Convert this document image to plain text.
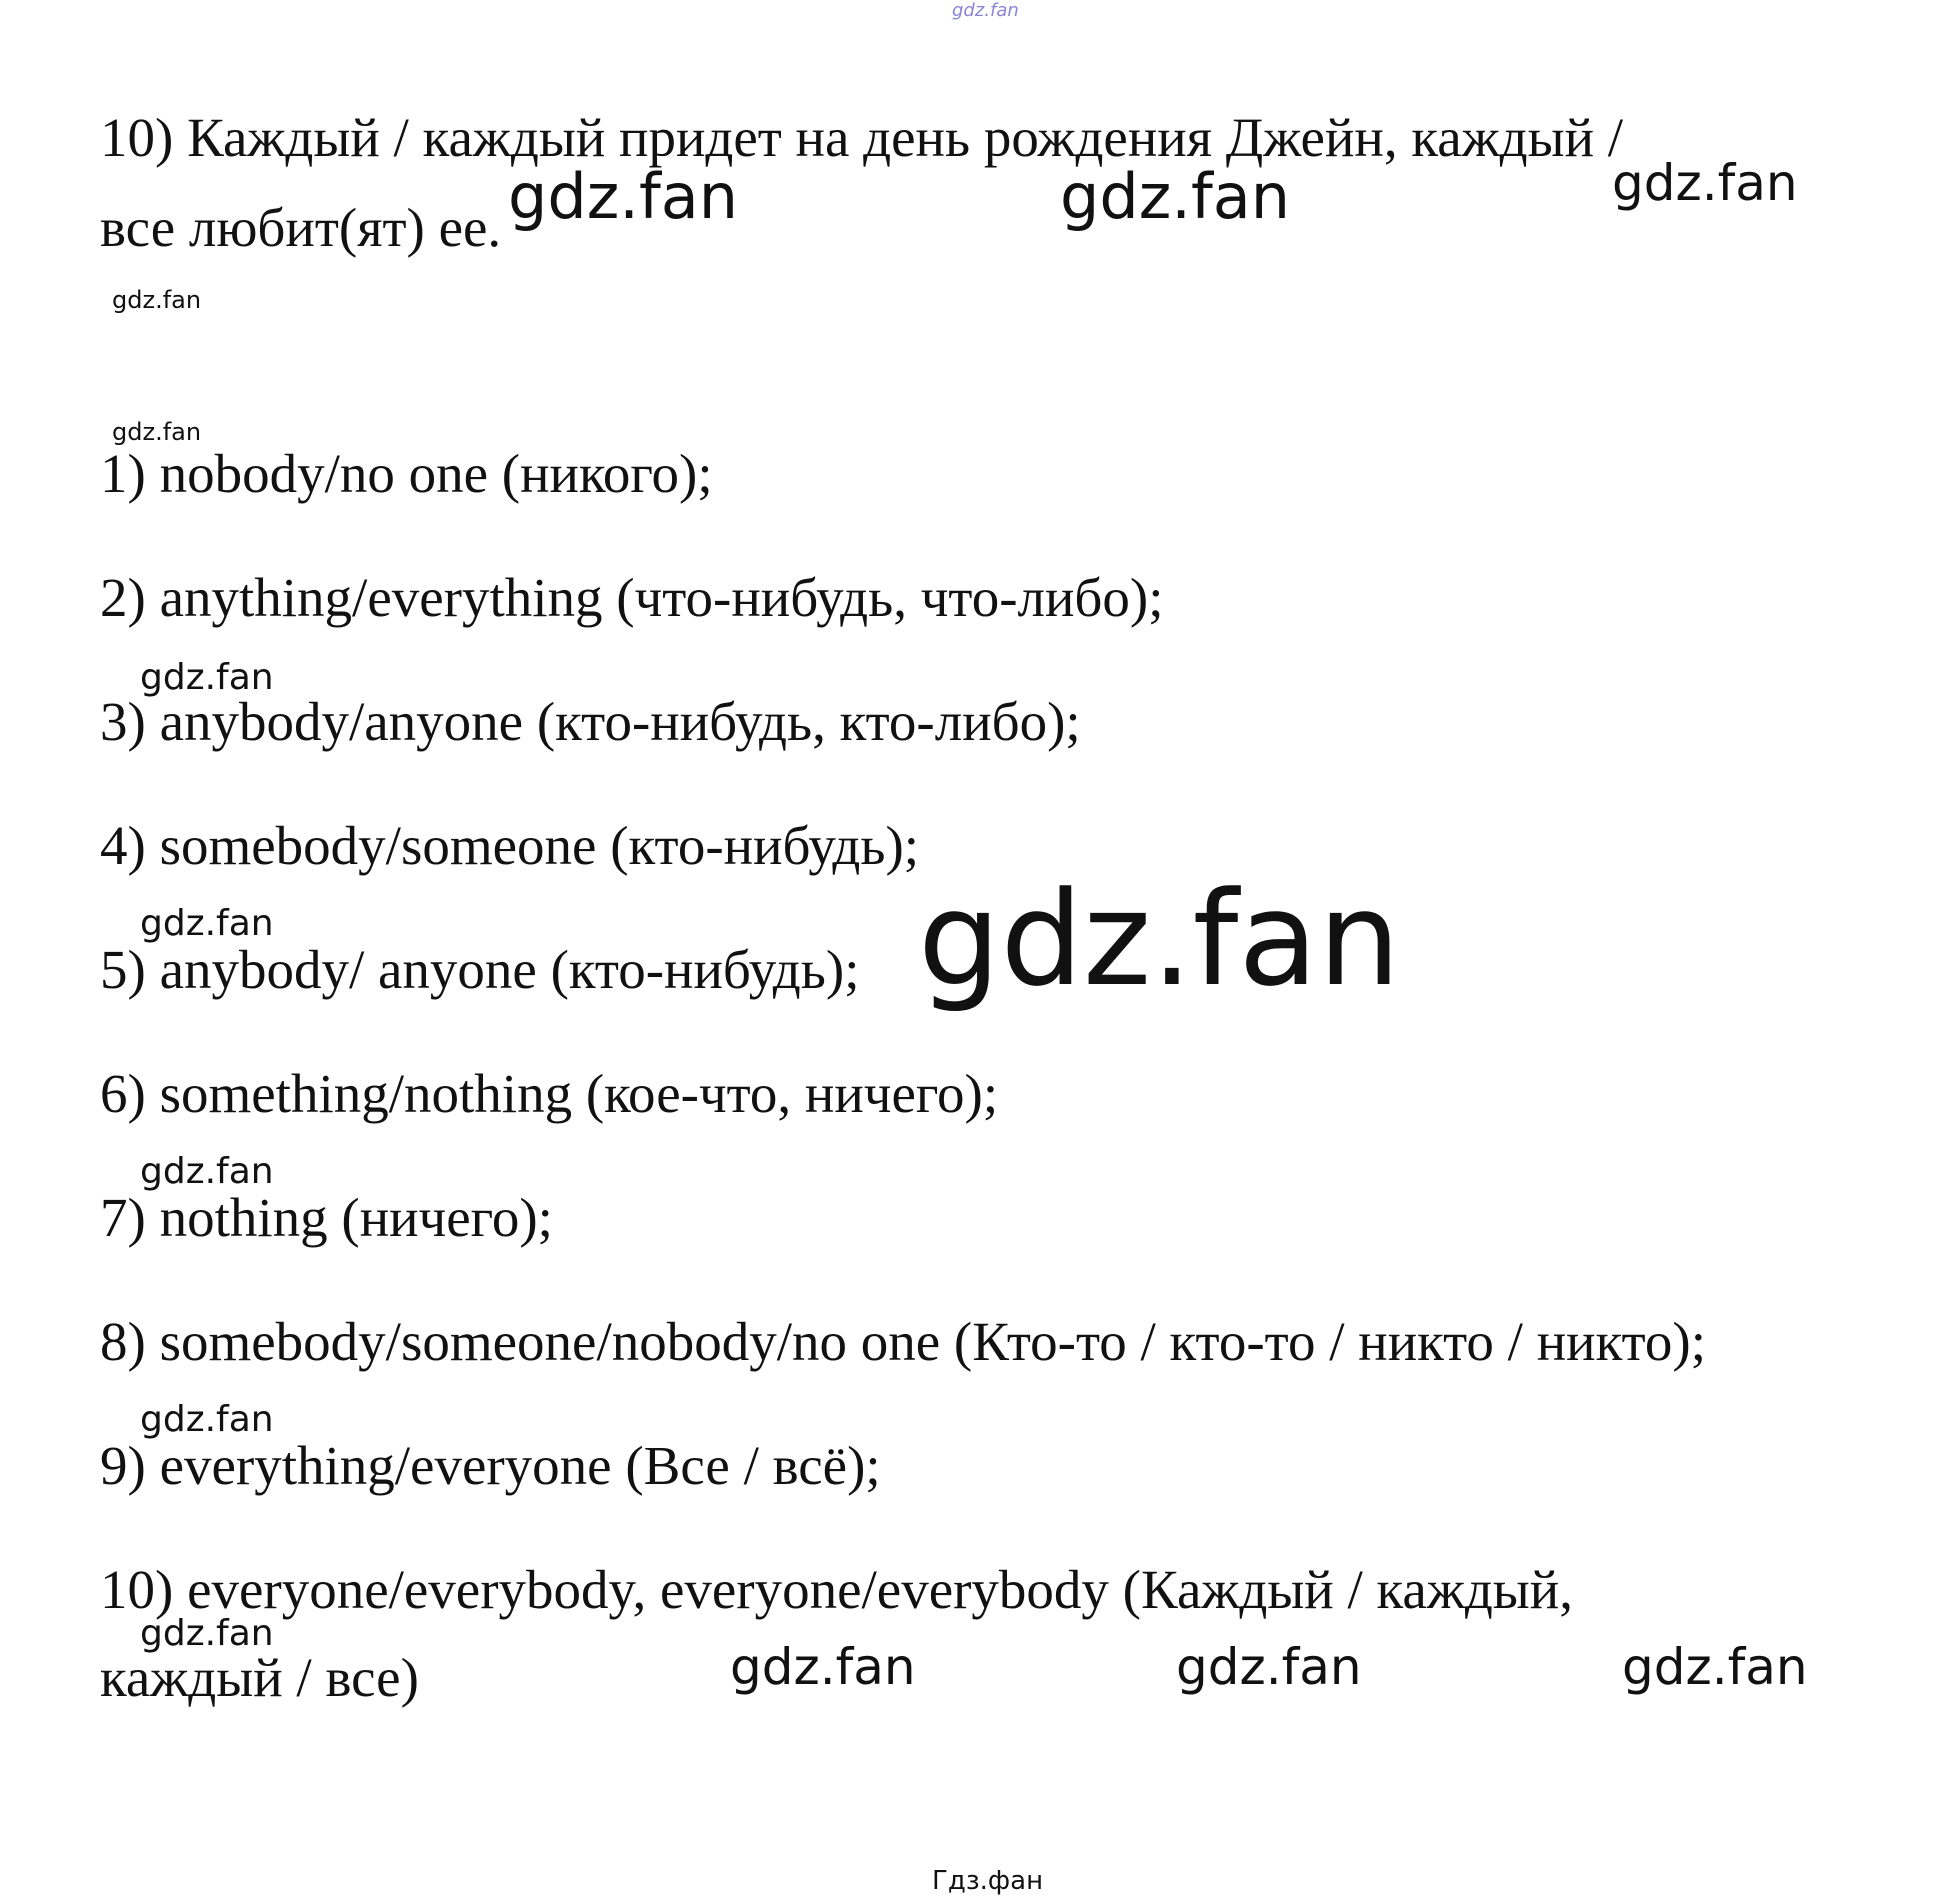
gdz.fan
10) Каждый / каждый придет на день рождения Джейн, каждый /
все любит(ят) ее. gdz.fan	gdz.fan	gdz.fan
gdz.fan
gdz.fan
1) nobody/no one (никого);
2) anything/everything (что-нибудь, что-либо);
gdz.fan
3) anybody/anyone (кто-нибудь, кто-либо);
4) somebody/someone (кто-нибудь);
gdz.fan
5) anybody/ anyone (кто-нибудь); gdz.fan
6) something/nothing (кое-что, ничего);
gdz.fan
7) nothing (ничего);
8) somebody/someone/nobody/no one (Кто-то / кто-то / никто / никто);
gdz.fan
9) everything/everyone (Все / всё);
10) everyone/everybody, everyone/everybody (Каждый / каждый,
gdz.fan
каждый / все)	gdz.fan	gdz.fan	gdz.fan
Гдз.фан
